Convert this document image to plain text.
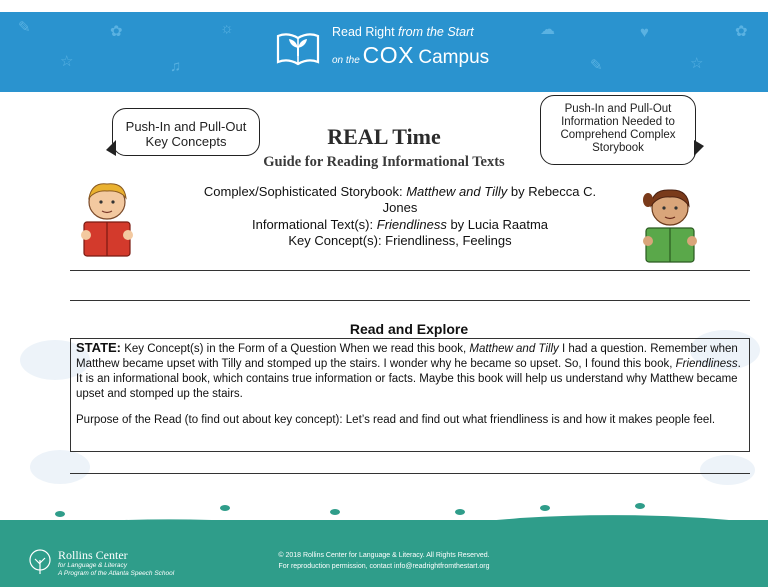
✎
☆
✿
♫
☼	☁
✎
♥
☆
✿
Read Right from the Start
on the COX Campus
Push-In and Pull-Out Key Concepts
Push-In and Pull-Out Information Needed to Comprehend Complex Storybook
REAL Time
Guide for Reading Informational Texts
Complex/Sophisticated Storybook: Matthew and Tilly by Rebecca C.
Jones
Informational Text(s): Friendliness by Lucia Raatma
Key Concept(s): Friendliness, Feelings
Read and Explore
STATE: Key Concept(s) in the Form of a Question When we read this book, Matthew and Tilly I had a question. Remember when Matthew became upset with Tilly and stomped up the stairs. I wonder why he became so upset. So, I found this book, Friendliness. It is an informational book, which contains true information or facts. Maybe this book will help us understand why Matthew became upset and stomped up the stairs.
Purpose of the Read (to find out about key concept): Let’s read and find out what friendliness is and how it makes people feel.
Rollins Center
for Language & Literacy
A Program of the Atlanta Speech School
© 2018 Rollins Center for Language & Literacy. All Rights Reserved.
For reproduction permission, contact info@readrightfromthestart.org
